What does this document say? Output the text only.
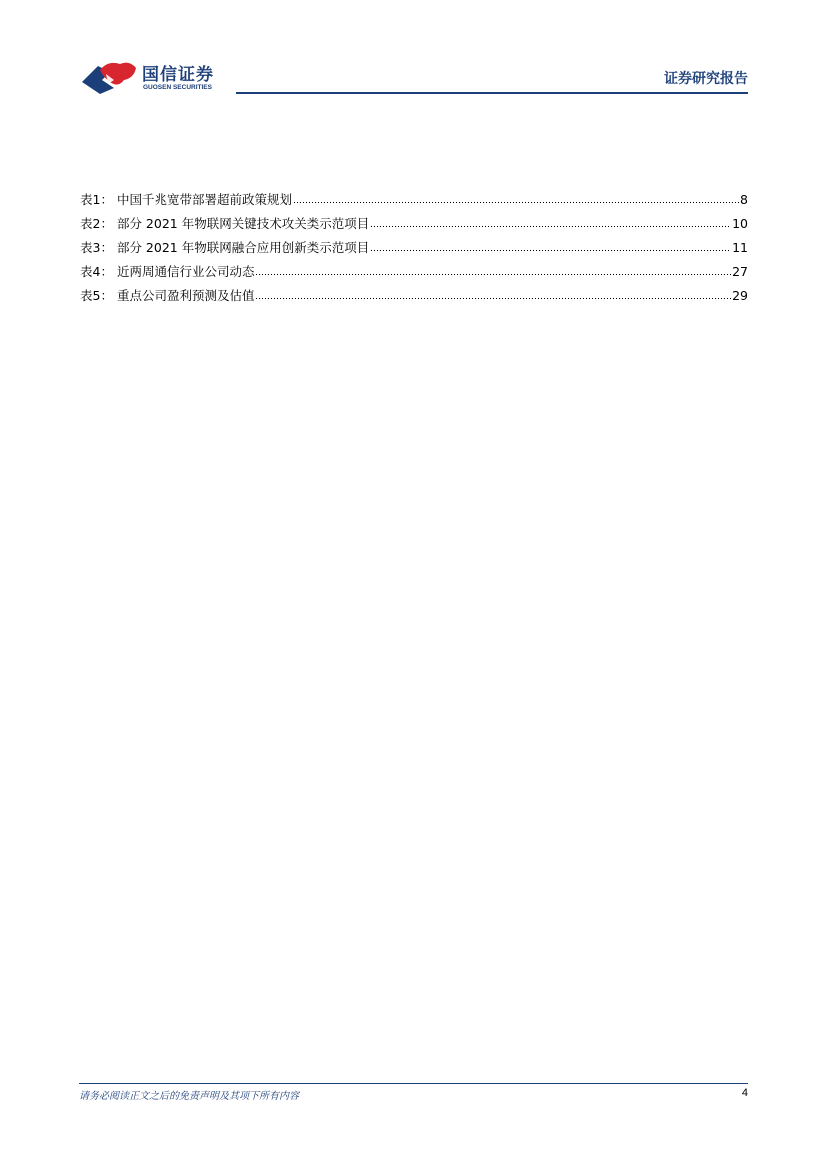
国信证券
GUOSEN SECURITIES
证券研究报告
表1： 中国千兆宽带部署超前政策规划	8
表2： 部分 2021 年物联网关键技术攻关类示范项目	10
表3： 部分 2021 年物联网融合应用创新类示范项目	11
表4： 近两周通信行业公司动态	27
表5： 重点公司盈利预测及估值	29
请务必阅读正文之后的免责声明及其项下所有内容	4
